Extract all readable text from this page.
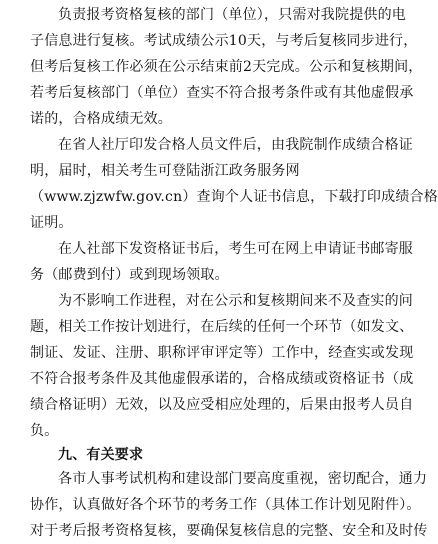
负责报考资格复核的部门（单位），只需对我院提供的电
子信息进行复核。考试成绩公示10天，与考后复核同步进行，
但考后复核工作必须在公示结束前2天完成。公示和复核期间，
若考后复核部门（单位）查实不符合报考条件或有其他虚假承
诺的，合格成绩无效。
在省人社厅印发合格人员文件后，由我院制作成绩合格证
明，届时，相关考生可登陆浙江政务服务网
（www.zjzwfw.gov.cn）查询个人证书信息，下载打印成绩合格
证明。
在人社部下发资格证书后，考生可在网上申请证书邮寄服
务（邮费到付）或到现场领取。
为不影响工作进程，对在公示和复核期间来不及查实的问
题，相关工作按计划进行，在后续的任何一个环节（如发文、
制证、发证、注册、职称评审评定等）工作中，经查实或发现
不符合报考条件及其他虚假承诺的，合格成绩或资格证书（成
绩合格证明）无效，以及应受相应处理的，后果由报考人员自
负。
九、有关要求
各市人事考试机构和建设部门要高度重视，密切配合，通力
协作，认真做好各个环节的考务工作（具体工作计划见附件）。
对于考后报考资格复核，要确保复核信息的完整、安全和及时传
